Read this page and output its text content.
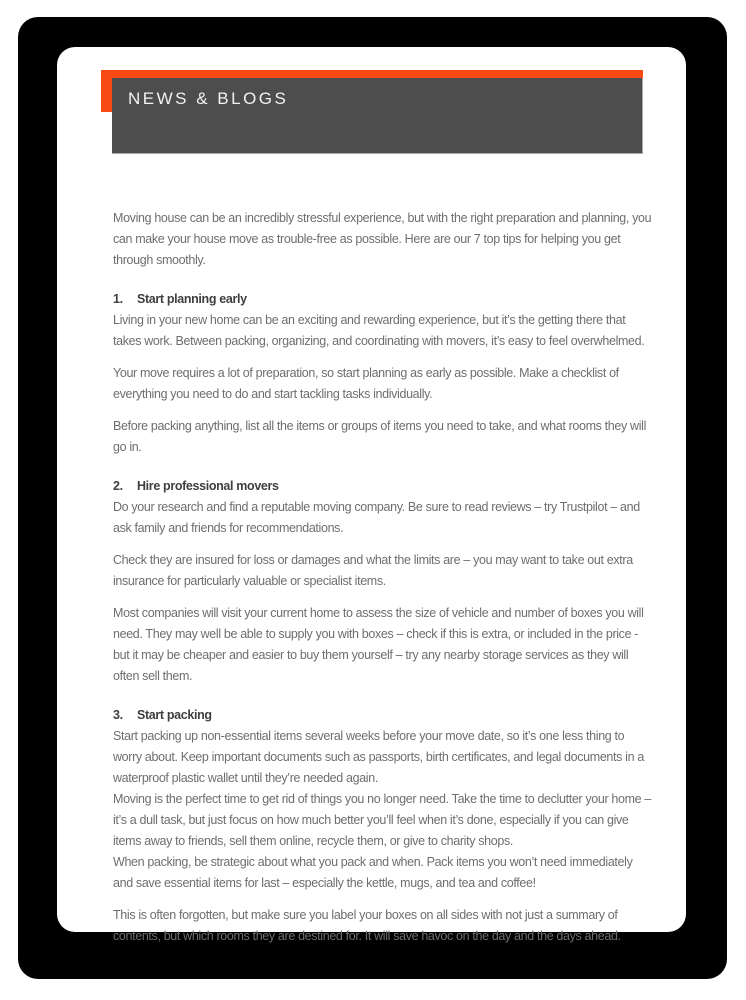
NEWS & BLOGS

Moving house can be an incredibly stressful experience, but with the right preparation and planning, you can make your house move as trouble-free as possible. Here are our 7 top tips for helping you get through smoothly.

1.	Start planning early

Living in your new home can be an exciting and rewarding experience, but it’s the getting there that takes work. Between packing, organizing, and coordinating with movers, it’s easy to feel overwhelmed.

Your move requires a lot of preparation, so start planning as early as possible. Make a checklist of everything you need to do and start tackling tasks individually.

Before packing anything, list all the items or groups of items you need to take, and what rooms they will go in.

2.	Hire professional movers

Do your research and find a reputable moving company. Be sure to read reviews – try Trustpilot – and ask family and friends for recommendations.

Check they are insured for loss or damages and what the limits are – you may want to take out extra insurance for particularly valuable or specialist items.

Most companies will visit your current home to assess the size of vehicle and number of boxes you will need. They may well be able to supply you with boxes – check if this is extra, or included in the price - but it may be cheaper and easier to buy them yourself – try any nearby storage services as they will often sell them.

3.	Start packing

Start packing up non-essential items several weeks before your move date, so it’s one less thing to worry about. Keep important documents such as passports, birth certificates, and legal documents in a waterproof plastic wallet until they’re needed again.

Moving is the perfect time to get rid of things you no longer need. Take the time to declutter your home – it’s a dull task, but just focus on how much better you’ll feel when it’s done, especially if you can give items away to friends, sell them online, recycle them, or give to charity shops.

When packing, be strategic about what you pack and when. Pack items you won’t need immediately and save essential items for last – especially the kettle, mugs, and tea and coffee!

This is often forgotten, but make sure you label your boxes on all sides with not just a summary of contents, but which rooms they are destined for. It will save havoc on the day and the days ahead.
